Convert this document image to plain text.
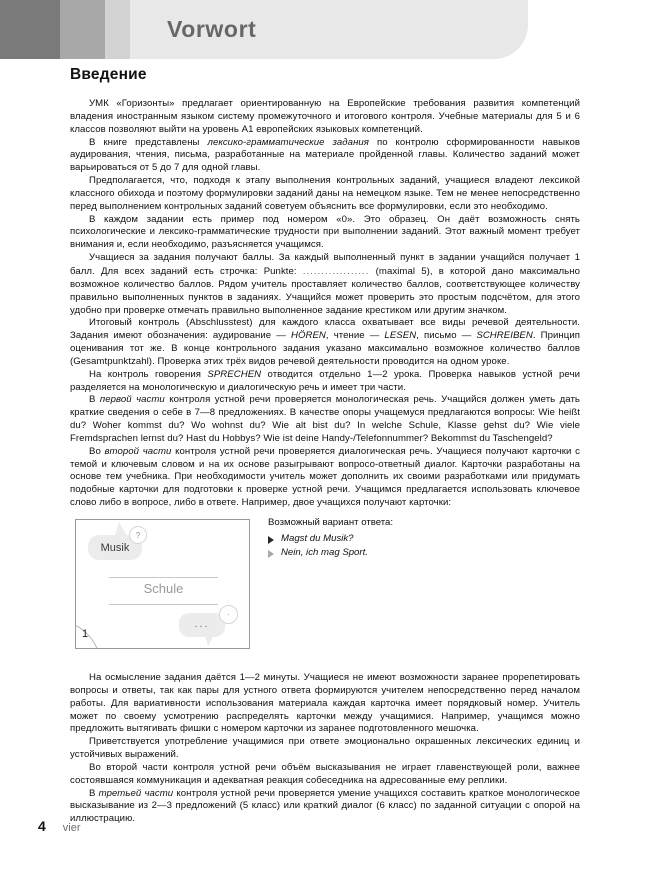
Vorwort
Введение

УМК «Горизонты» предлагает ориентированную на Европейские требования развития компетенций владения иностранным языком систему промежуточного и итогового контроля. Учебные материалы для 5 и 6 классов позволяют выйти на уровень А1 европейских языковых компетенций.

В книге представлены лексико-грамматические задания по контролю сформированности навыков аудирования, чтения, письма, разработанные на материале пройденной главы. Количество заданий может варьироваться от 5 до 7 для одной главы.

Предполагается, что, подходя к этапу выполнения контрольных заданий, учащиеся владеют лексикой классного обихода и поэтому формулировки заданий даны на немецком языке. Тем не менее непосредственно перед выполнением контрольных заданий советуем объяснить все формулировки, если это необходимо.

В каждом задании есть пример под номером «0». Это образец. Он даёт возможность снять психологические и лексико-грамматические трудности при выполнении заданий. Этот важный момент требует внимания и, если необходимо, разъясняется учащимся.

Учащиеся за задания получают баллы. За каждый выполненный пункт в задании учащийся получает 1 балл. Для всех заданий есть строчка: Punkte: .................. (maximal 5), в которой дано максимально возможное количество баллов. Рядом учитель проставляет количество баллов, соответствующее количеству правильно выполненных пунктов в заданиях. Учащийся может проверить это простым подсчётом, для этого удобно при проверке отмечать правильно выполненное задание крестиком или другим значком.

Итоговый контроль (Abschlusstest) для каждого класса охватывает все виды речевой деятельности. Задания имеют обозначения: аудирование — HÖREN, чтение — LESEN, письмо — SCHREIBEN. Принцип оценивания тот же. В конце контрольного задания указано максимально возможное количество баллов (Gesamtpunktzahl). Проверка этих трёх видов речевой деятельности проводится на одном уроке.

На контроль говорения SPRECHEN отводится отдельно 1—2 урока. Проверка навыков устной речи разделяется на монологическую и диалогическую речь и имеет три части.

В первой части контроля устной речи проверяется монологическая речь. Учащийся должен уметь дать краткие сведения о себе в 7—8 предложениях. В качестве опоры учащемуся предлагаются вопросы: Wie heißt du? Woher kommst du? Wo wohnst du? Wie alt bist du? In welche Schule, Klasse gehst du? Wie viele Fremdsprachen lernst du? Hast du Hobbys? Wie ist deine Handy-/Telefonnummer? Bekommst du Taschengeld?

Во второй части контроля устной речи проверяется диалогическая речь. Учащиеся получают карточки с темой и ключевым словом и на их основе разыгрывают вопросо-ответный диалог. Карточки разработаны на основе тем учебника. При необходимости учитель может дополнить их своими разработками или придумать подобные карточки для подготовки к проверке устной речи. Учащимся предлагается использовать ключевое слово либо в вопросе, либо в ответе. Например, двое учащихся получают карточки:

Musik
?
Schule
...
·
1

Возможный вариант ответа:

Magst du Musik?

Nein, ich mag Sport.

На осмысление задания даётся 1—2 минуты. Учащиеся не имеют возможности заранее прорепетировать вопросы и ответы, так как пары для устного ответа формируются учителем непосредственно перед началом работы. Для вариативности использования материала каждая карточка имеет порядковый номер. Учитель может по своему усмотрению распределять карточки между учащимися. Например, учащимся можно предложить вытягивать фишки с номером карточки из заранее подготовленного мешочка.

Приветствуется употребление учащимися при ответе эмоционально окрашенных лексических единиц и устойчивых выражений.

Во второй части контроля устной речи объём высказывания не играет главенствующей роли, важнее состоявшаяся коммуникация и адекватная реакция собеседника на адресованные ему реплики.

В третьей части контроля устной речи проверяется умение учащихся составить краткое монологическое высказывание из 2—3 предложений (5 класс) или краткий диалог (6 класс) по заданной ситуации с опорой на иллюстрацию.

4 vier
